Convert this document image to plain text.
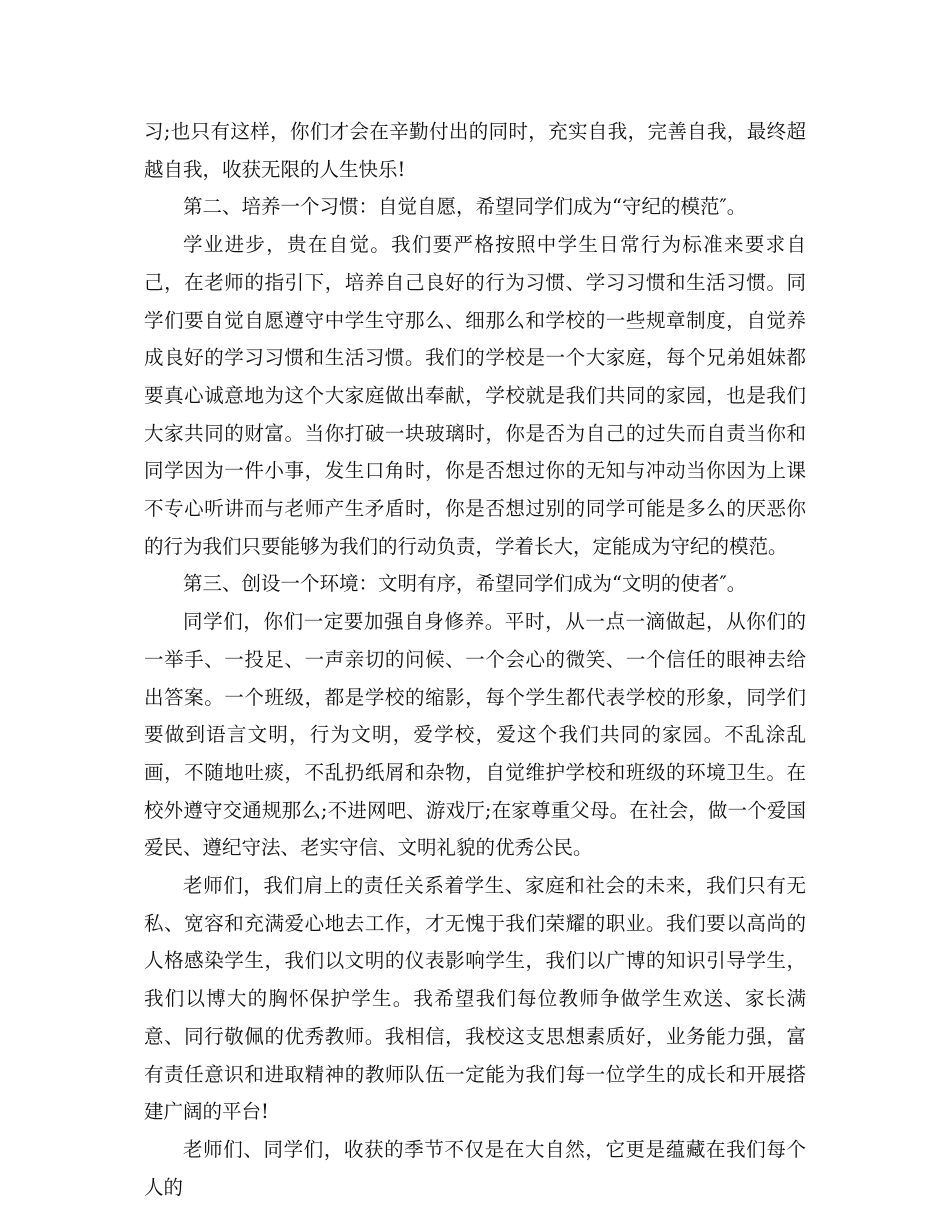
习;也只有这样，你们才会在辛勤付出的同时，充实自我，完善自我，最终超越自我，收获无限的人生快乐!

第二、培养一个习惯：自觉自愿，希望同学们成为“守纪的模范″。

学业进步，贵在自觉。我们要严格按照中学生日常行为标准来要求自己，在老师的指引下，培养自己良好的行为习惯、学习习惯和生活习惯。同学们要自觉自愿遵守中学生守那么、细那么和学校的一些规章制度，自觉养成良好的学习习惯和生活习惯。我们的学校是一个大家庭，每个兄弟姐妹都要真心诚意地为这个大家庭做出奉献，学校就是我们共同的家园，也是我们大家共同的财富。当你打破一块玻璃时，你是否为自己的过失而自责当你和同学因为一件小事，发生口角时，你是否想过你的无知与冲动当你因为上课不专心听讲而与老师产生矛盾时，你是否想过别的同学可能是多么的厌恶你的行为我们只要能够为我们的行动负责，学着长大，定能成为守纪的模范。

第三、创设一个环境：文明有序，希望同学们成为“文明的使者″。

同学们，你们一定要加强自身修养。平时，从一点一滴做起，从你们的一举手、一投足、一声亲切的问候、一个会心的微笑、一个信任的眼神去给出答案。一个班级，都是学校的缩影，每个学生都代表学校的形象，同学们要做到语言文明，行为文明，爱学校，爱这个我们共同的家园。不乱涂乱画，不随地吐痰，不乱扔纸屑和杂物，自觉维护学校和班级的环境卫生。在校外遵守交通规那么;不进网吧、游戏厅;在家尊重父母。在社会，做一个爱国爱民、遵纪守法、老实守信、文明礼貌的优秀公民。

老师们，我们肩上的责任关系着学生、家庭和社会的未来，我们只有无私、宽容和充满爱心地去工作，才无愧于我们荣耀的职业。我们要以高尚的人格感染学生，我们以文明的仪表影响学生，我们以广博的知识引导学生，我们以博大的胸怀保护学生。我希望我们每位教师争做学生欢送、家长满意、同行敬佩的优秀教师。我相信，我校这支思想素质好，业务能力强，富有责任意识和进取精神的教师队伍一定能为我们每一位学生的成长和开展搭建广阔的平台!

老师们、同学们，收获的季节不仅是在大自然，它更是蕴藏在我们每个人的
